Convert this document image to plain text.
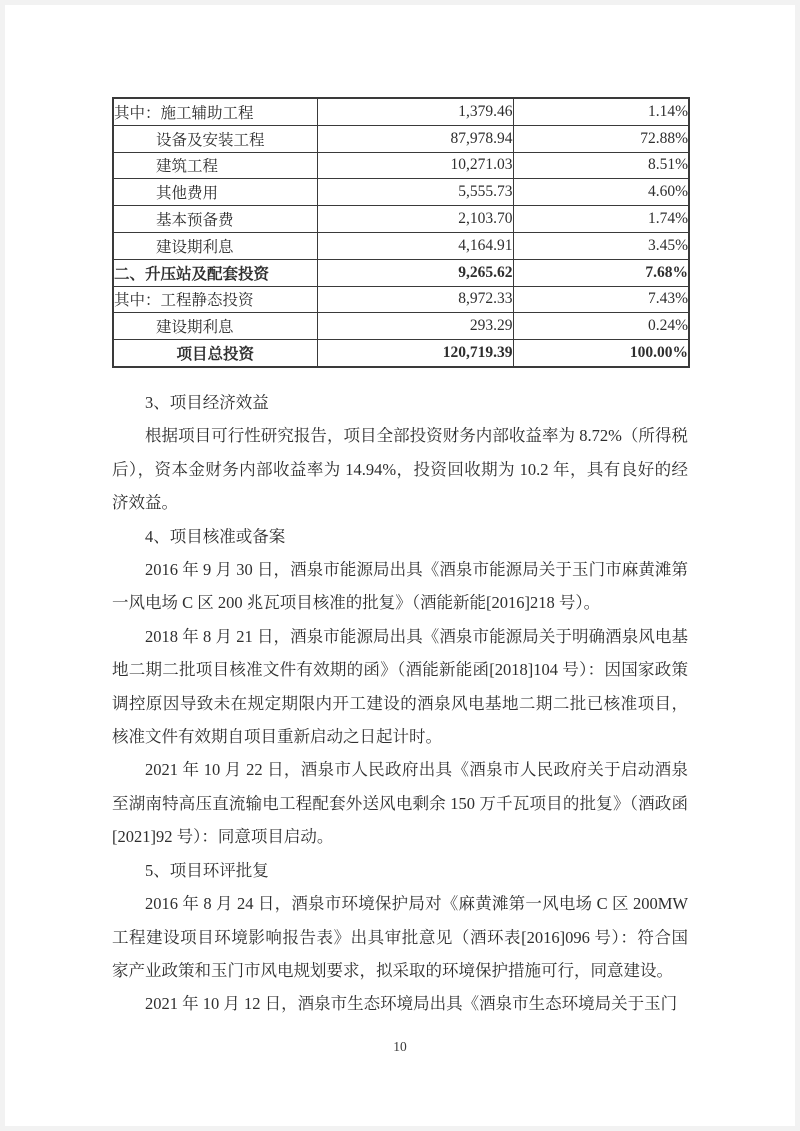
其中：施工辅助工程	1,379.46	1.14%
设备及安装工程	87,978.94	72.88%
建筑工程	10,271.03	8.51%
其他费用	5,555.73	4.60%
基本预备费	2,103.70	1.74%
建设期利息	4,164.91	3.45%
二、升压站及配套投资	9,265.62	7.68%
其中：工程静态投资	8,972.33	7.43%
建设期利息	293.29	0.24%
项目总投资	120,719.39	100.00%

3、项目经济效益

根据项目可行性研究报告，项目全部投资财务内部收益率为 8.72%（所得税后），资本金财务内部收益率为 14.94%，投资回收期为 10.2 年，具有良好的经济效益。

4、项目核准或备案

2016 年 9 月 30 日，酒泉市能源局出具《酒泉市能源局关于玉门市麻黄滩第一风电场 C 区 200 兆瓦项目核准的批复》（酒能新能[2016]218 号）。

2018 年 8 月 21 日，酒泉市能源局出具《酒泉市能源局关于明确酒泉风电基地二期二批项目核准文件有效期的函》（酒能新能函[2018]104 号）：因国家政策调控原因导致未在规定期限内开工建设的酒泉风电基地二期二批已核准项目，核准文件有效期自项目重新启动之日起计时。

2021 年 10 月 22 日，酒泉市人民政府出具《酒泉市人民政府关于启动酒泉至湖南特高压直流输电工程配套外送风电剩余 150 万千瓦项目的批复》（酒政函[2021]92 号）：同意项目启动。

5、项目环评批复

2016 年 8 月 24 日，酒泉市环境保护局对《麻黄滩第一风电场 C 区 200MW 工程建设项目环境影响报告表》出具审批意见（酒环表[2016]096 号）：符合国家产业政策和玉门市风电规划要求，拟采取的环境保护措施可行，同意建设。

2021 年 10 月 12 日，酒泉市生态环境局出具《酒泉市生态环境局关于玉门

10
